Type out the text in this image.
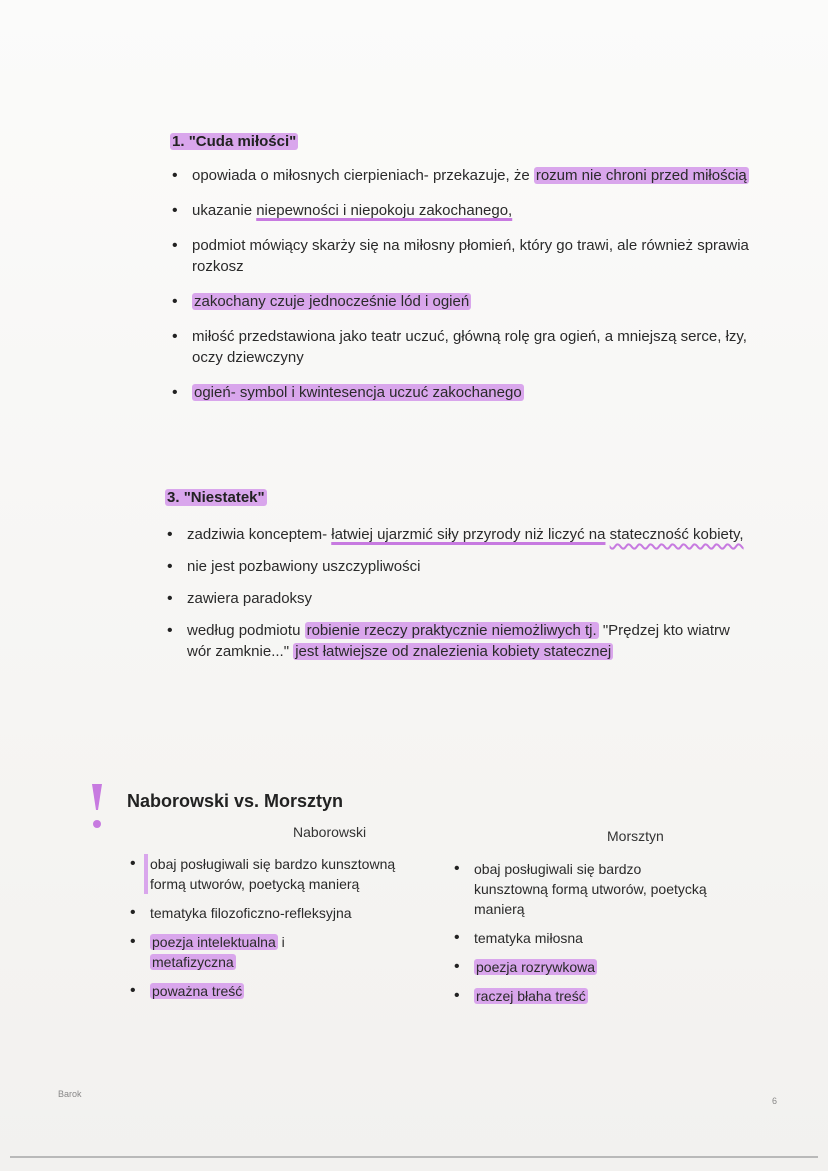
1. "Cuda miłości"
• opowiada o miłosnych cierpieniach- przekazuje, że rozum nie chroni przed miłością
• ukazanie niepewności i niepokoju zakochanego,
• podmiot mówiący skarży się na miłosny płomień, który go trawi, ale również sprawia rozkosz
• zakochany czuje jednocześnie lód i ogień
• miłość przedstawiona jako teatr uczuć, główną rolę gra ogień, a mniejszą serce, łzy, oczy dziewczyny
• ogień- symbol i kwintesencja uczuć zakochanego
3. "Niestatek"
• zadziwia konceptem- łatwiej ujarzmić siły przyrody niż liczyć na stateczność kobiety,
• nie jest pozbawiony uszczypliwości
• zawiera paradoksy
• według podmiotu robienie rzeczy praktycznie niemożliwych tj. "Prędzej kto wiatrw wór zamknie..." jest łatwiejsze od znalezienia kobiety statecznej
Naborowski vs. Morsztyn
Naborowski	Morsztyn
• obaj posługiwali się bardzo kunsztowną formą utworów, poetycką manierą
• tematyka filozoficzno-refleksyjna
• poezja intelektualna i
metafizyczna
• poważna treść
• obaj posługiwali się bardzo kunsztowną formą utworów, poetycką manierą
• tematyka miłosna
• poezja rozrywkowa
• raczej błaha treść
Barok
6
